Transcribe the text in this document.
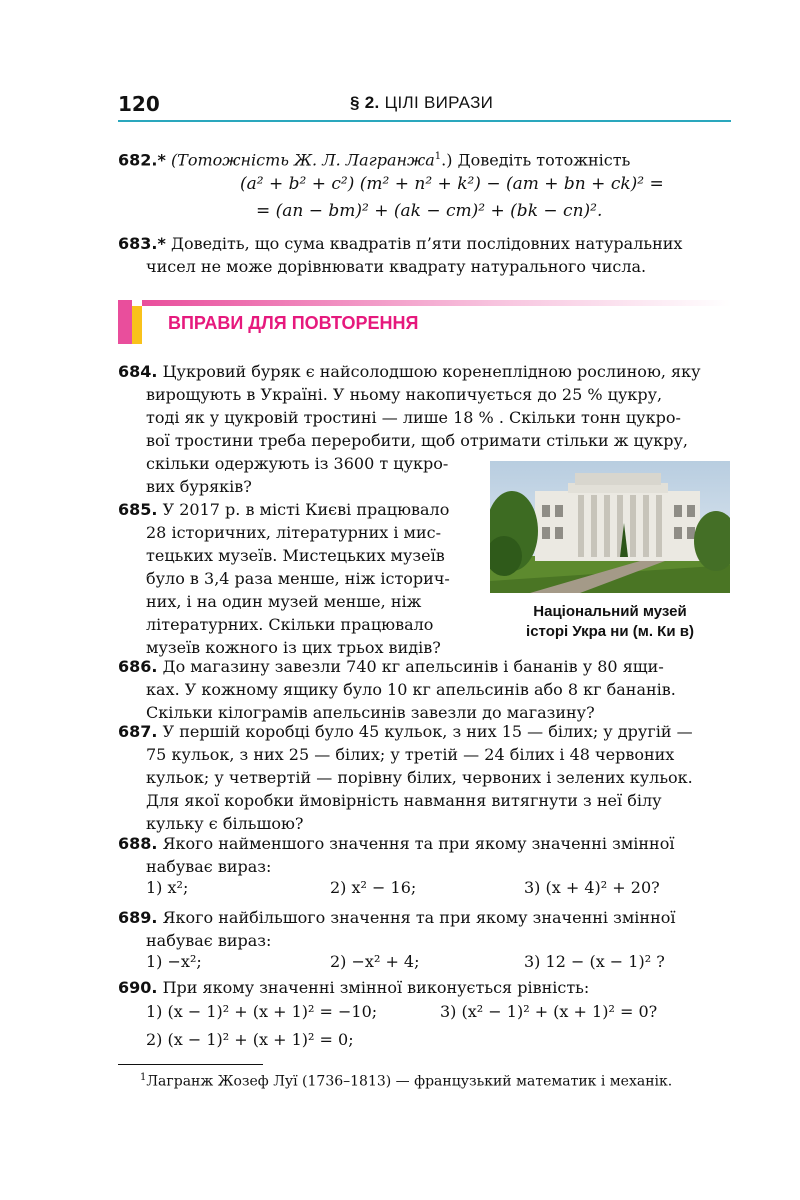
120	§ 2. ЦІЛІ ВИРАЗИ
682.* (Тотожність Ж. Л. Лагранжа$^1$.) Доведіть тотожність
(a² + b² + c²) (m² + n² + k²) − (am + bn + ck)² =
= (an − bm)² + (ak − cm)² + (bk − cn)².
683.* Доведіть, що сума квадратів п’яти послідовних натуральних
чисел не може дорівнювати квадрату натурального числа.
ВПРАВИ ДЛЯ ПОВТОРЕННЯ
684. Цукровий буряк є найсолодшою коренеплідною рослиною, яку
вирощують в Україні. У ньому накопичується до 25 % цукру,
тоді як у цукровій тростині — лише 18 % . Скільки тонн цукро-
вої тростини треба переробити, щоб отримати стільки ж цукру,
скільки одержують із 3600 т цукро-
вих буряків?
685. У 2017 р. в місті Києві працювало
28 історичних, літературних і мис-
тецьких музеїв. Мистецьких музеїв
було в 3,4 раза менше, ніж історич-
них, і на один музей менше, ніж
літературних. Скільки працювало
музеїв кожного із цих трьох видів?
Національний музей
історі Укра ни (м. Ки в)
686. До магазину завезли 740 кг апельсинів і бананів у 80 ящи-
ках. У кожному ящику було 10 кг апельсинів або 8 кг бананів.
Скільки кілограмів апельсинів завезли до магазину?
687. У першій коробці було 45 кульок, з них 15 — білих; у другій —
75 кульок, з них 25 — білих; у третій — 24 білих і 48 червоних
кульок; у четвертій — порівну білих, червоних і зелених кульок.
Для якої коробки ймовірність навмання витягнути з неї білу
кульку є більшою?
688. Якого найменшого значення та при якому значенні змінної
набуває вираз:
1) x²;	2) x² − 16;	3) (x + 4)² + 20?
689. Якого найбільшого значення та при якому значенні змінної
набуває вираз:
1) −x²;	2) −x² + 4;	3) 12 − (x − 1)² ?
690. При якому значенні змінної виконується рівність:
1) (x − 1)² + (x + 1)² = −10;	3) (x² − 1)² + (x + 1)² = 0?
2) (x − 1)² + (x + 1)² = 0;
$^1$Лагранж Жозеф Луї (1736–1813) — французький математик і механік.
